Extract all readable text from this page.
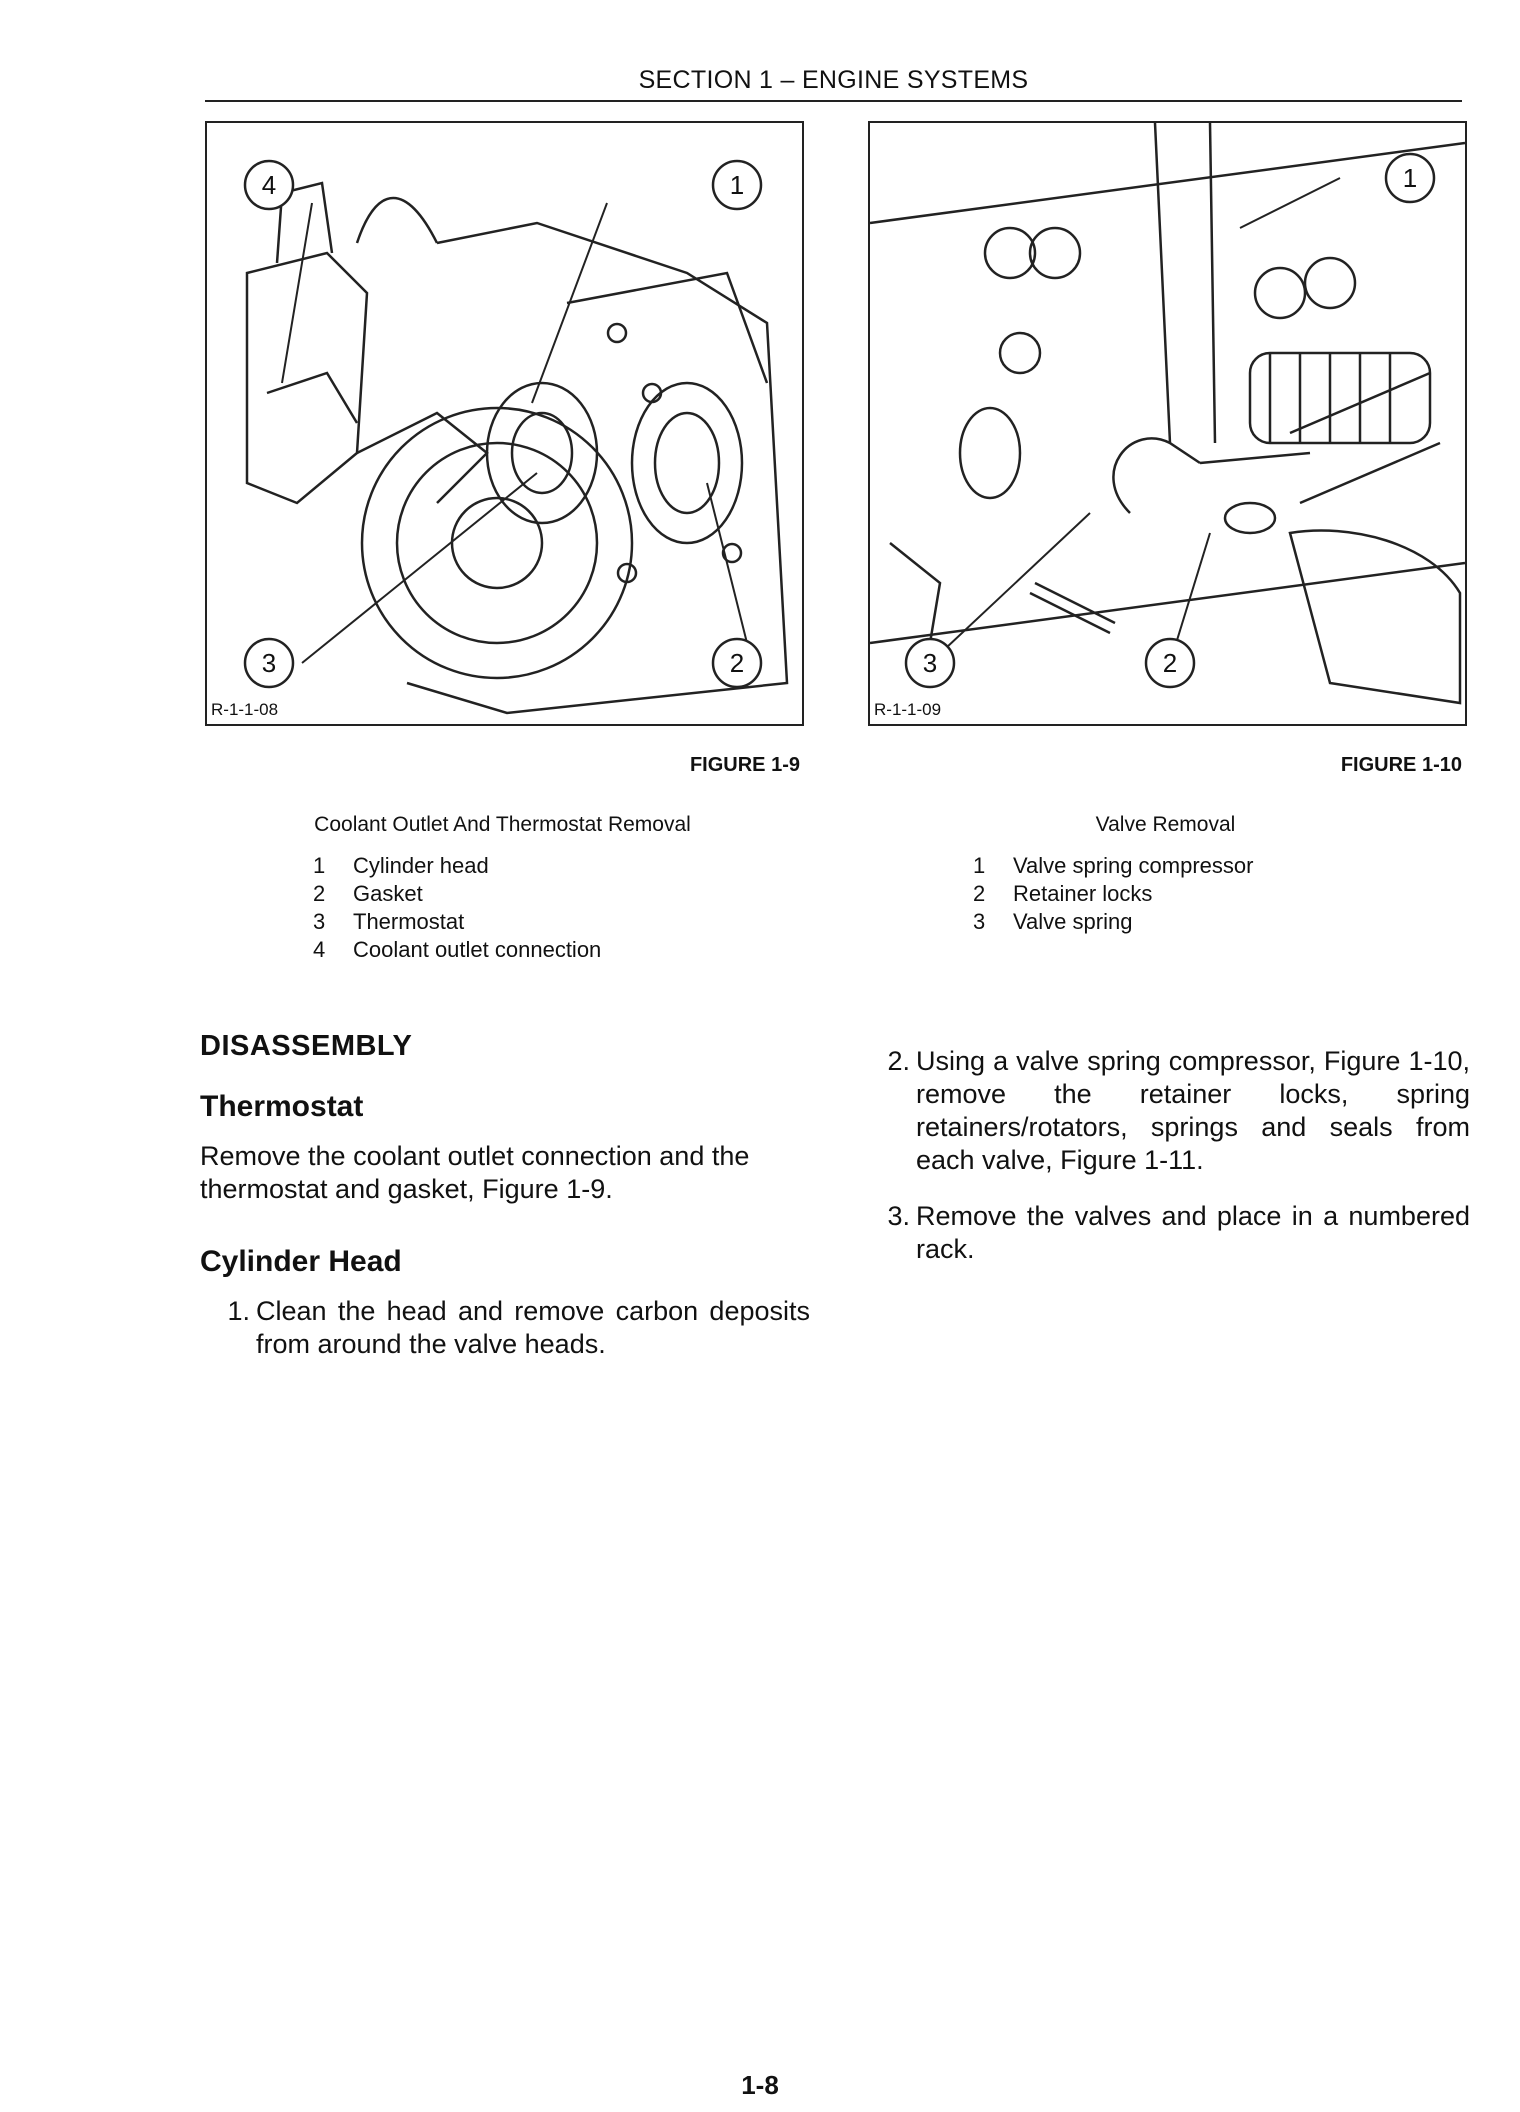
SECTION 1 – ENGINE SYSTEMS
4	1
3	2
R-1-1-08
1
3	2
R-1-1-09
FIGURE 1-9	FIGURE 1-10
Coolant Outlet And Thermostat Removal	Valve Removal
1	Cylinder head
2	Gasket
3	Thermostat
4	Coolant outlet connection
1	Valve spring compressor
2	Retainer locks
3	Valve spring
DISASSEMBLY
Thermostat
Remove the coolant outlet connection and the thermostat and gasket, Figure 1-9.
Cylinder Head
1. Clean the head and remove carbon deposits from around the valve heads.
2. Using a valve spring compressor, Figure 1-10, remove the retainer locks, spring retainers/rotators, springs and seals from each valve, Figure 1-11.
3. Remove the valves and place in a numbered rack.
1-8
